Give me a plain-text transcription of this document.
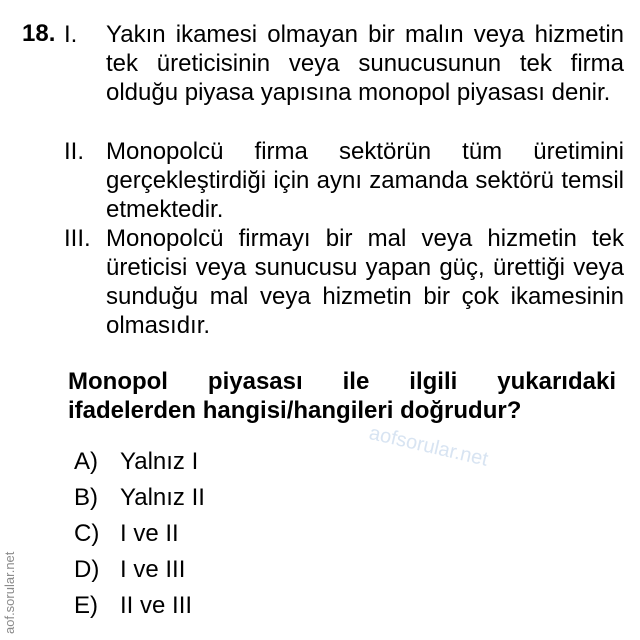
18. I.	Yakın ikamesi olmayan bir malın veya hizmetin tek üreticisinin veya sunucusunun tek firma olduğu piyasa yapısına monopol piyasası denir.
II. Monopolcü firma sektörün tüm üretimini gerçekleştirdiği için aynı zamanda sektörü temsil etmektedir.
III. Monopolcü firmayı bir mal veya hizmetin tek üreticisi veya sunucusu yapan güç, ürettiği veya sunduğu mal veya hizmetin bir çok ikamesinin olmasıdır.
Monopol piyasası ile ilgili yukarıdaki ifadelerden hangisi/hangileri doğrudur?
A) Yalnız I
B) Yalnız II
C) I ve II
D) I ve III
E) II ve III
aofsorular.net
aof.sorular.net
